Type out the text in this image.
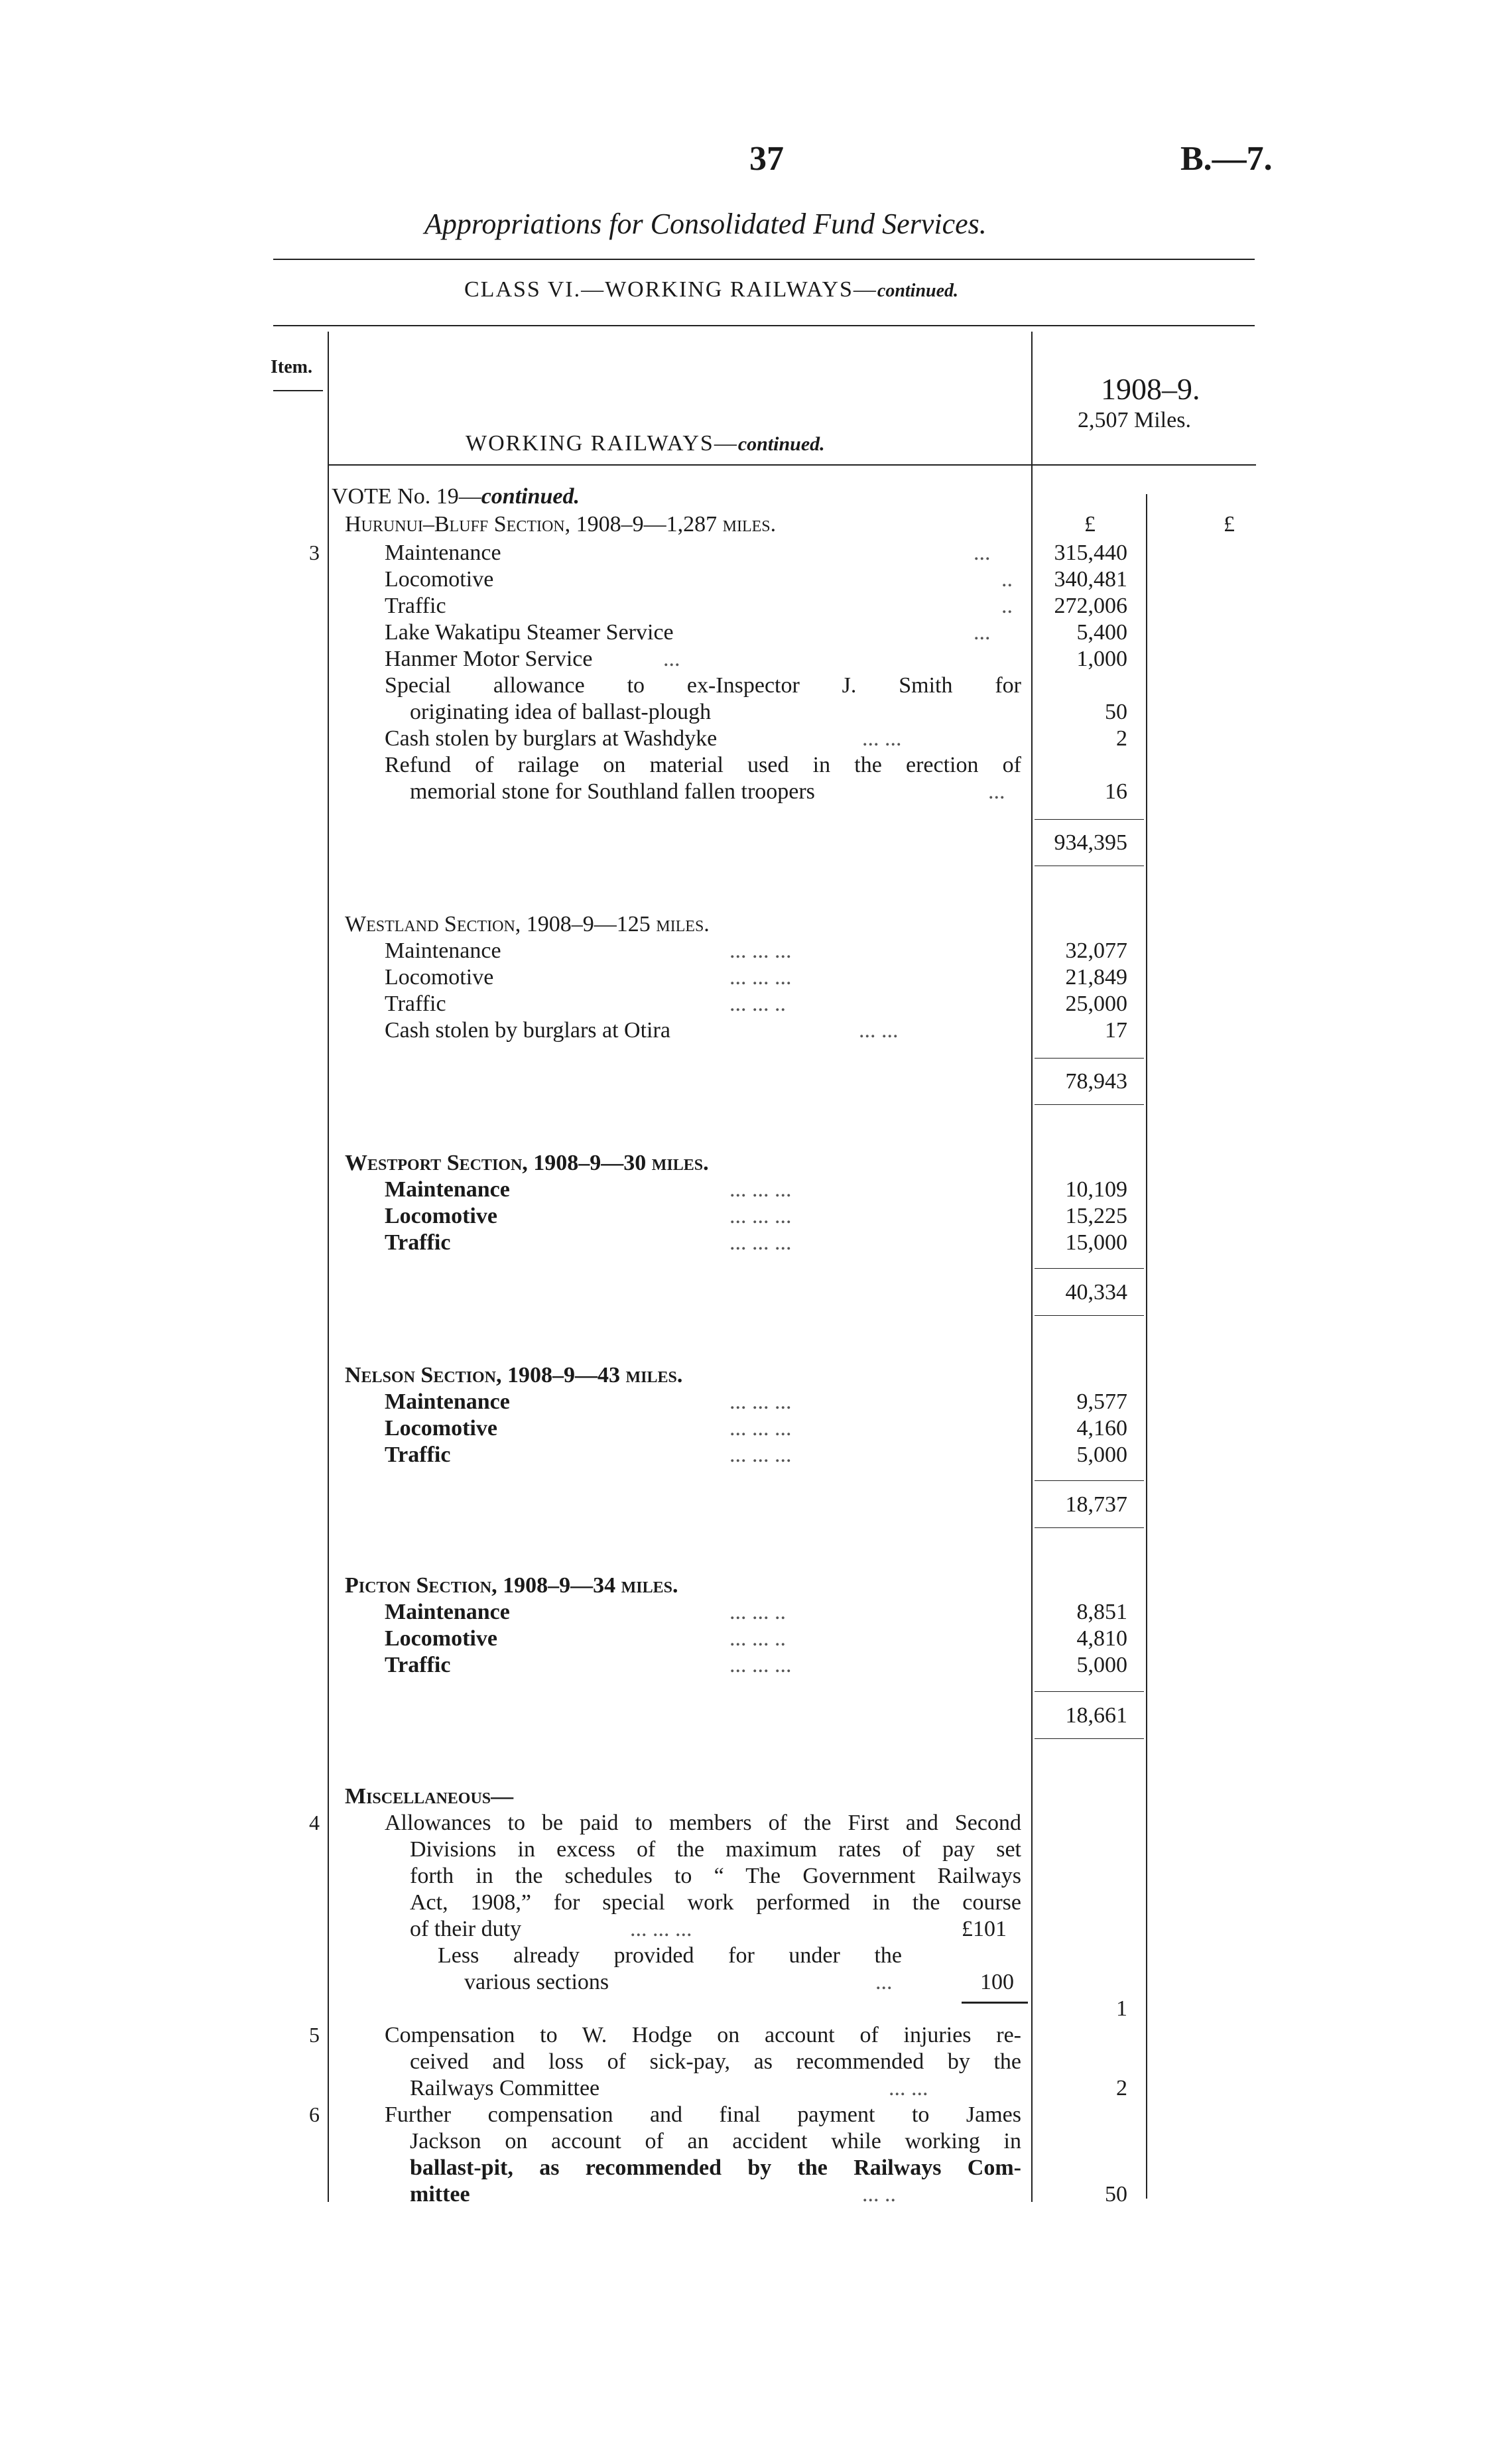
37	B.—7.
Appropriations for Consolidated Fund Services.
CLASS VI.—WORKING RAILWAYS—continued.
Item.
WORKING RAILWAYS—continued.
1908–9.
2,507 Miles.
VOTE No. 19—continued.
£	£
Hurunui–Bluff Section, 1908–9—1,287 miles.
3	Maintenance	...	315,440
Locomotive	..	340,481
Traffic	..	272,006
Lake Wakatipu Steamer Service	...	5,400
Hanmer Motor Service	...	1,000
Special allowance to ex-Inspector J. Smith for
originating idea of ballast-plough	50
Cash stolen by burglars at Washdyke	... ...	2
Refund of railage on material used in the erection of
memorial stone for Southland fallen troopers	...	16
934,395
Westland Section, 1908–9—125 miles.
Maintenance	... ... ...	32,077
Locomotive	... ... ...	21,849
Traffic	... ... ..	25,000
Cash stolen by burglars at Otira	... ...	17
78,943
Westport Section, 1908–9—30 miles.
Maintenance	... ... ...	10,109
Locomotive	... ... ...	15,225
Traffic	... ... ...	15,000
40,334
Nelson Section, 1908–9—43 miles.
Maintenance	... ... ...	9,577
Locomotive	... ... ...	4,160
Traffic	... ... ...	5,000
18,737
Picton Section, 1908–9—34 miles.
Maintenance	... ... ..	8,851
Locomotive	... ... ..	4,810
Traffic	... ... ...	5,000
18,661
Miscellaneous—
4	Allowances to be paid to members of the First and Second
Divisions in excess of the maximum rates of pay set
forth in the schedules to “ The Government Railways
Act, 1908,” for special work performed in the course
of their duty	... ... ...	£101
Less already provided for under the
various sections	...	100
1
5	Compensation to W. Hodge on account of injuries re-
ceived and loss of sick-pay, as recommended by the
Railways Committee	... ...	2
6	Further compensation and final payment to James
Jackson on account of an accident while working in
ballast-pit, as recommended by the Railways Com-
mittee	... ..	50
